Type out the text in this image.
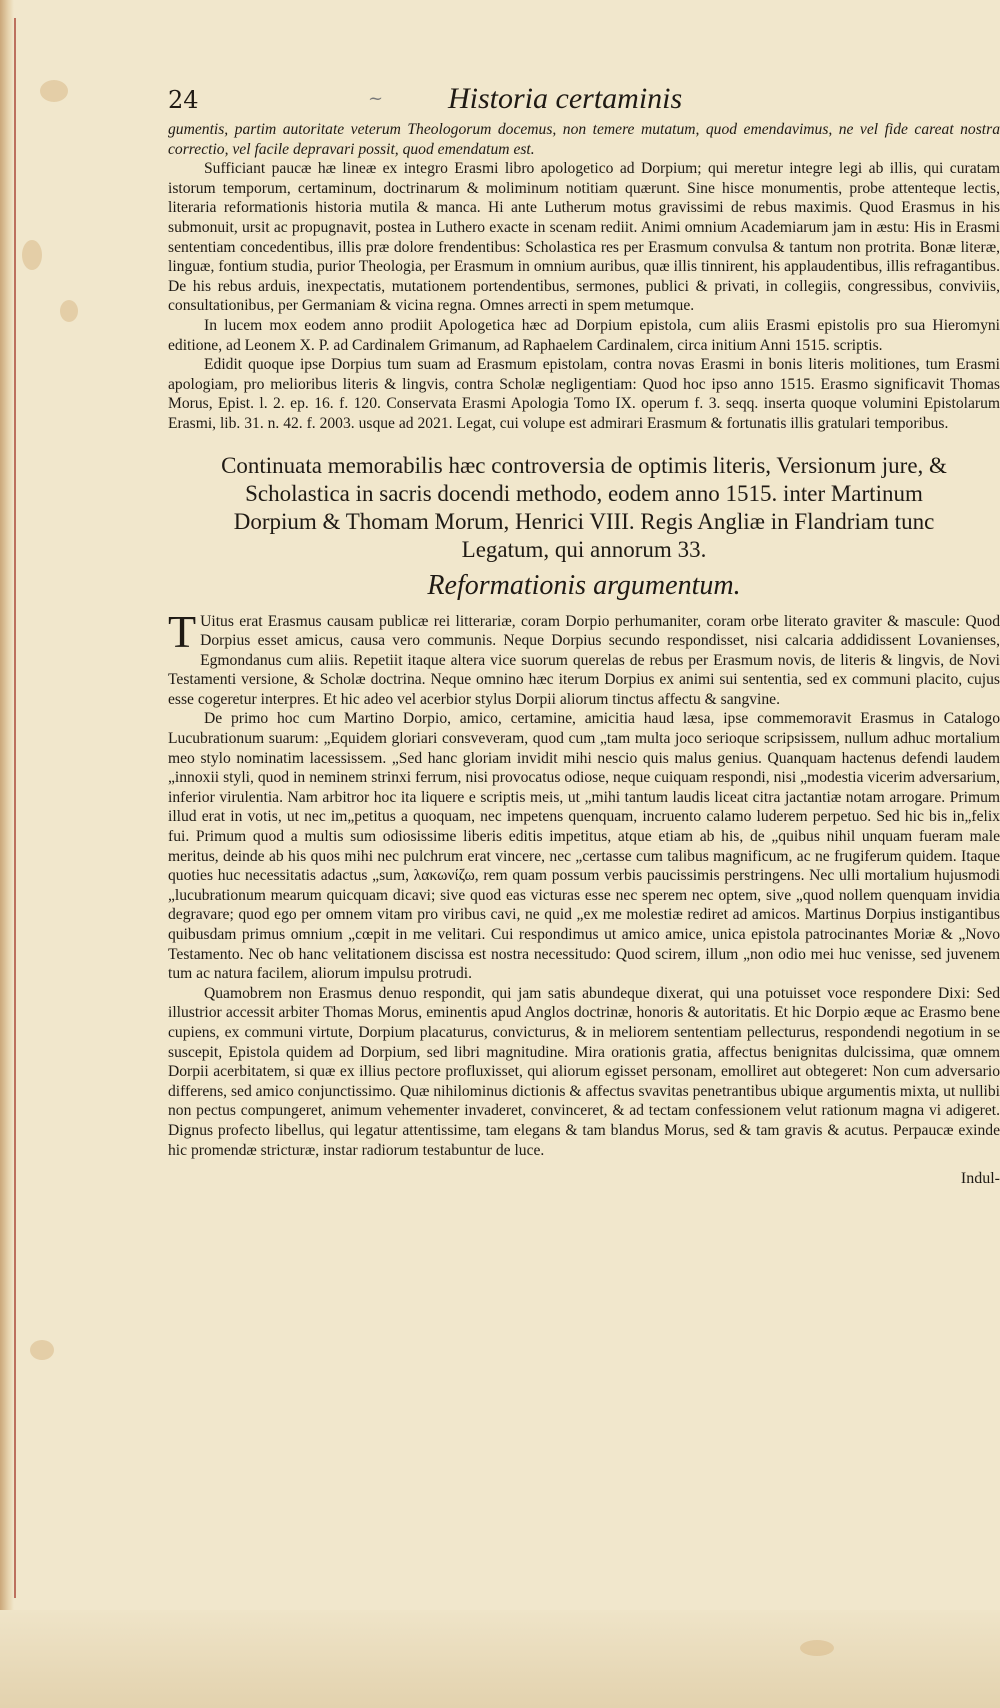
24	~ Historia certaminis

gumentis, partim autoritate veterum Theologorum docemus, non temere mutatum, quod emendavimus, ne vel fide careat nostra correctio, vel facile depravari possit, quod emendatum est.

Sufficiant paucæ hæ lineæ ex integro Erasmi libro apologetico ad Dorpium; qui meretur integre legi ab illis, qui curatam istorum temporum, certaminum, doctrinarum & moliminum notitiam quærunt. Sine hisce monumentis, probe attenteque lectis, literaria reformationis historia mutila & manca. Hi ante Lutherum motus gravissimi de rebus maximis. Quod Erasmus in his submonuit, ursit ac propugnavit, postea in Luthero exacte in scenam rediit. Animi omnium Academiarum jam in æstu: His in Erasmi sententiam concedentibus, illis præ dolore frendentibus: Scholastica res per Erasmum convulsa & tantum non protrita. Bonæ literæ, linguæ, fontium studia, purior Theologia, per Erasmum in omnium auribus, quæ illis tinnirent, his applaudentibus, illis refragantibus. De his rebus arduis, inexpectatis, mutationem portendentibus, sermones, publici & privati, in collegiis, congressibus, conviviis, consultationibus, per Germaniam & vicina regna. Omnes arrecti in spem metumque.

In lucem mox eodem anno prodiit Apologetica hæc ad Dorpium epistola, cum aliis Erasmi epistolis pro sua Hieromyni editione, ad Leonem X. P. ad Cardinalem Grimanum, ad Raphaelem Cardinalem, circa initium Anni 1515. scriptis.

Edidit quoque ipse Dorpius tum suam ad Erasmum epistolam, contra novas Erasmi in bonis literis molitiones, tum Erasmi apologiam, pro melioribus literis & lingvis, contra Scholæ negligentiam: Quod hoc ipso anno 1515. Erasmo significavit Thomas Morus, Epist. l. 2. ep. 16. f. 120. Conservata Erasmi Apologia Tomo IX. operum f. 3. seqq. inserta quoque volumini Epistolarum Erasmi, lib. 31. n. 42. f. 2003. usque ad 2021. Legat, cui volupe est admirari Erasmum & fortunatis illis gratulari temporibus.

Continuata memorabilis hæc controversia de optimis literis, Versionum jure, & Scholastica in sacris docendi methodo, eodem anno 1515. inter Martinum Dorpium & Thomam Morum, Henrici VIII. Regis Angliæ in Flandriam tunc Legatum, qui annorum 33.
Reformationis argumentum.

T Uitus erat Erasmus causam publicæ rei litterariæ, coram Dorpio perhumaniter, coram orbe literato graviter & mascule: Quod Dorpius esset amicus, causa vero communis. Neque Dorpius secundo respondisset, nisi calcaria addidissent Lovanienses, Egmondanus cum aliis. Repetiit itaque altera vice suorum querelas de rebus per Erasmum novis, de literis & lingvis, de Novi Testamenti versione, & Scholæ doctrina. Neque omnino hæc iterum Dorpius ex animi sui sententia, sed ex communi placito, cujus esse cogeretur interpres. Et hic adeo vel acerbior stylus Dorpii aliorum tinctus affectu & sangvine.

De primo hoc cum Martino Dorpio, amico, certamine, amicitia haud læsa, ipse commemoravit Erasmus in Catalogo Lucubrationum suarum: „Equidem gloriari consveveram, quod cum „tam multa joco serioque scripsissem, nullum adhuc mortalium meo stylo nominatim lacessissem. „Sed hanc gloriam invidit mihi nescio quis malus genius. Quanquam hactenus defendi laudem „innoxii styli, quod in neminem strinxi ferrum, nisi provocatus odiose, neque cuiquam respondi, nisi „modestia vicerim adversarium, inferior virulentia. Nam arbitror hoc ita liquere e scriptis meis, ut „mihi tantum laudis liceat citra jactantiæ notam arrogare. Primum illud erat in votis, ut nec im„petitus a quoquam, nec impetens quenquam, incruento calamo luderem perpetuo. Sed hic bis in„felix fui. Primum quod a multis sum odiosissime liberis editis impetitus, atque etiam ab his, de „quibus nihil unquam fueram male meritus, deinde ab his quos mihi nec pulchrum erat vincere, nec „certasse cum talibus magnificum, ac ne frugiferum quidem. Itaque quoties huc necessitatis adactus „sum, λακωνίζω, rem quam possum verbis paucissimis perstringens. Nec ulli mortalium hujusmodi „lucubrationum mearum quicquam dicavi; sive quod eas victuras esse nec sperem nec optem, sive „quod nollem quenquam invidia degravare; quod ego per omnem vitam pro viribus cavi, ne quid „ex me molestiæ rediret ad amicos. Martinus Dorpius instigantibus quibusdam primus omnium „cœpit in me velitari. Cui respondimus ut amico amice, unica epistola patrocinantes Moriæ & „Novo Testamento. Nec ob hanc velitationem discissa est nostra necessitudo: Quod scirem, illum „non odio mei huc venisse, sed juvenem tum ac natura facilem, aliorum impulsu protrudi.

Quamobrem non Erasmus denuo respondit, qui jam satis abundeque dixerat, qui una potuisset voce respondere Dixi: Sed illustrior accessit arbiter Thomas Morus, eminentis apud Anglos doctrinæ, honoris & autoritatis. Et hic Dorpio æque ac Erasmo bene cupiens, ex communi virtute, Dorpium placaturus, convicturus, & in meliorem sententiam pellecturus, respondendi negotium in se suscepit, Epistola quidem ad Dorpium, sed libri magnitudine. Mira orationis gratia, affectus benignitas dulcissima, quæ omnem Dorpii acerbitatem, si quæ ex illius pectore profluxisset, qui aliorum egisset personam, emolliret aut obtegeret: Non cum adversario differens, sed amico conjunctissimo. Quæ nihilominus dictionis & affectus svavitas penetrantibus ubique argumentis mixta, ut nullibi non pectus compungeret, animum vehementer invaderet, convinceret, & ad tectam confessionem velut rationum magna vi adigeret. Dignus profecto libellus, qui legatur attentissime, tam elegans & tam blandus Morus, sed & tam gravis & acutus. Perpaucæ exinde hic promendæ stricturæ, instar radiorum testabuntur de luce.

Indul-
